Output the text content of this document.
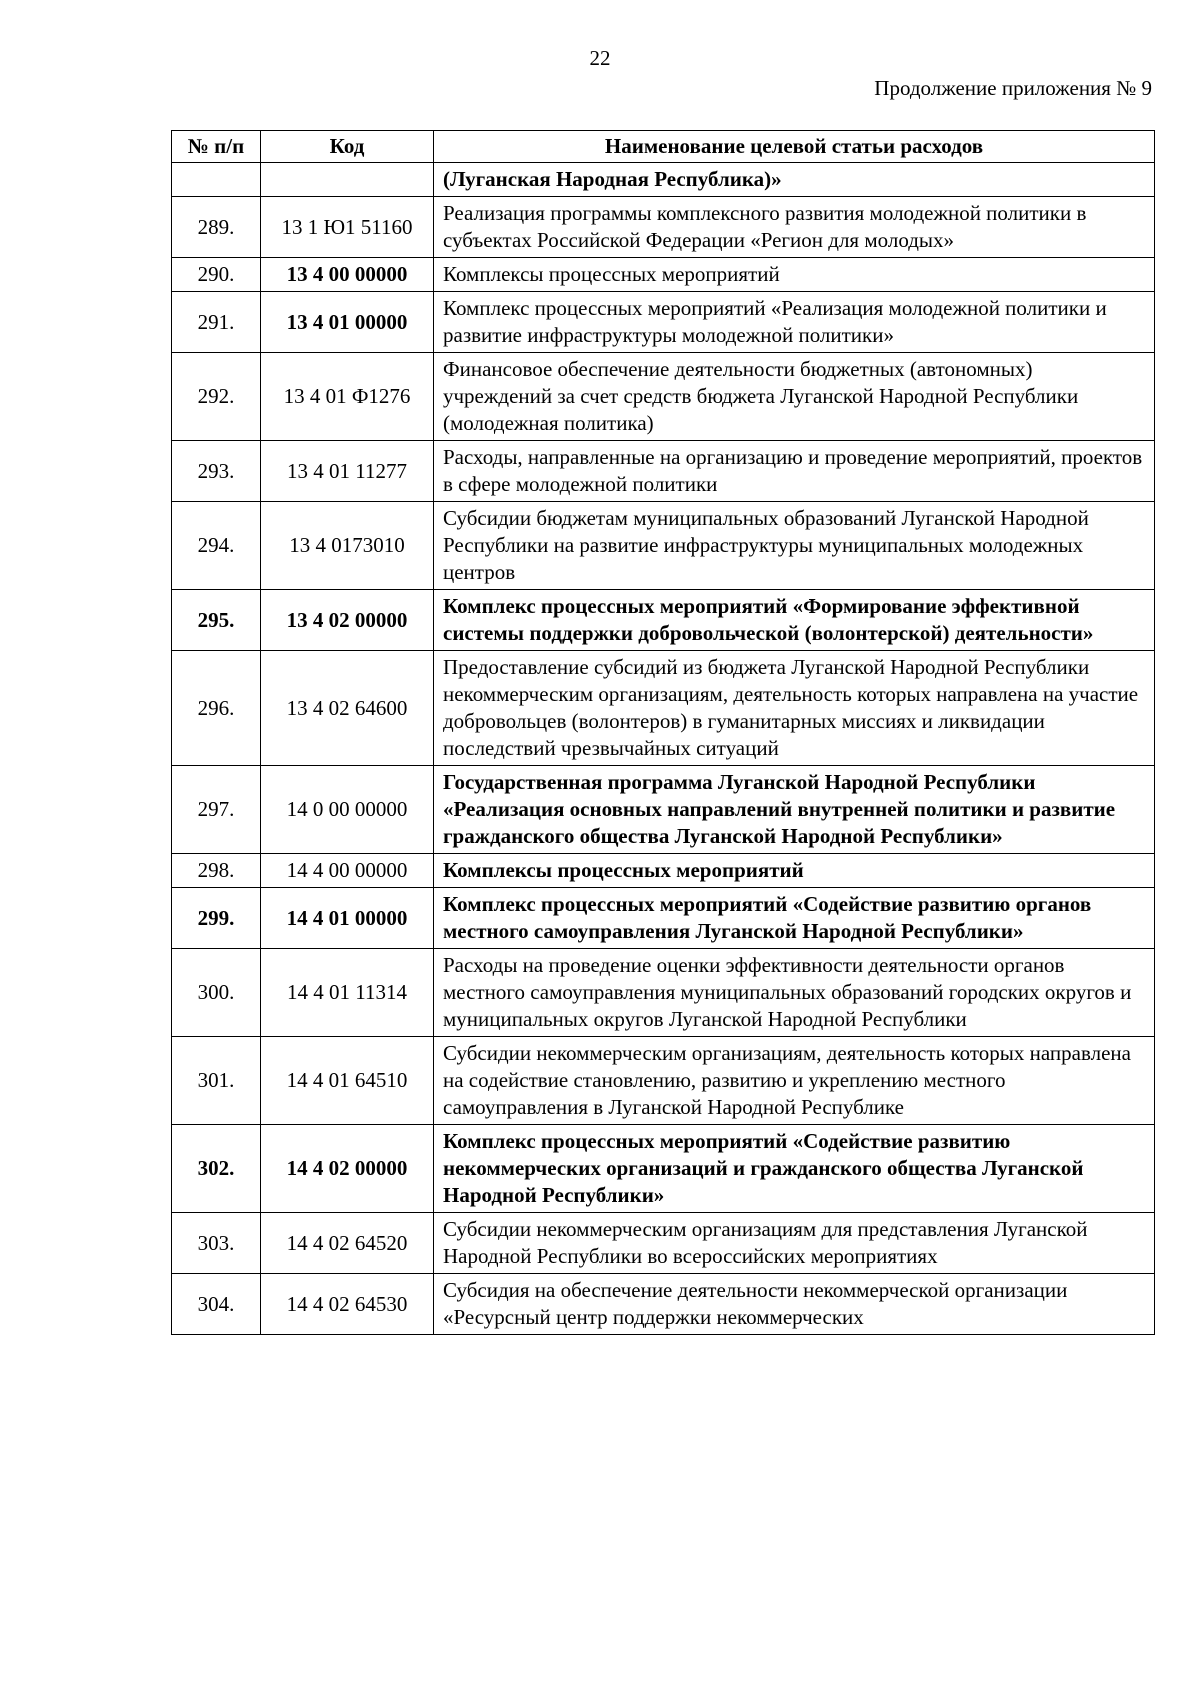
22
Продолжение приложения № 9
№ п/п	Код	Наименование целевой статьи расходов
		(Луганская Народная Республика)»
289.	13 1 Ю1 51160	Реализация программы комплексного развития молодежной политики в субъектах Российской Федерации «Регион для молодых»
290.	13 4 00 00000	Комплексы процессных мероприятий
291.	13 4 01 00000	Комплекс процессных мероприятий «Реализация молодежной политики и развитие инфраструктуры молодежной политики»
292.	13 4 01 Ф1276	Финансовое обеспечение деятельности бюджетных (автономных) учреждений за счет средств бюджета Луганской Народной Республики (молодежная политика)
293.	13 4 01 11277	Расходы, направленные на организацию и проведение мероприятий, проектов в сфере молодежной политики
294.	13 4 0173010	Субсидии бюджетам муниципальных образований Луганской Народной Республики на развитие инфраструктуры муниципальных молодежных центров
295.	13 4 02 00000	Комплекс процессных мероприятий «Формирование эффективной системы поддержки добровольческой (волонтерской) деятельности»
296.	13 4 02 64600	Предоставление субсидий из бюджета Луганской Народной Республики некоммерческим организациям, деятельность которых направлена на участие добровольцев (волонтеров) в гуманитарных миссиях и ликвидации последствий чрезвычайных ситуаций
297.	14 0 00 00000	Государственная программа Луганской Народной Республики «Реализация основных направлений внутренней политики и развитие гражданского общества Луганской Народной Республики»
298.	14 4 00 00000	Комплексы процессных мероприятий
299.	14 4 01 00000	Комплекс процессных мероприятий «Содействие развитию органов местного самоуправления Луганской Народной Республики»
300.	14 4 01 11314	Расходы на проведение оценки эффективности деятельности органов местного самоуправления муниципальных образований городских округов и муниципальных округов Луганской Народной Республики
301.	14 4 01 64510	Субсидии некоммерческим организациям, деятельность которых направлена на содействие становлению, развитию и укреплению местного самоуправления в Луганской Народной Республике
302.	14 4 02 00000	Комплекс процессных мероприятий «Содействие развитию некоммерческих организаций и гражданского общества Луганской Народной Республики»
303.	14 4 02 64520	Субсидии некоммерческим организациям для представления Луганской Народной Республики во всероссийских мероприятиях
304.	14 4 02 64530	Субсидия на обеспечение деятельности некоммерческой организации «Ресурсный центр поддержки некоммерческих
